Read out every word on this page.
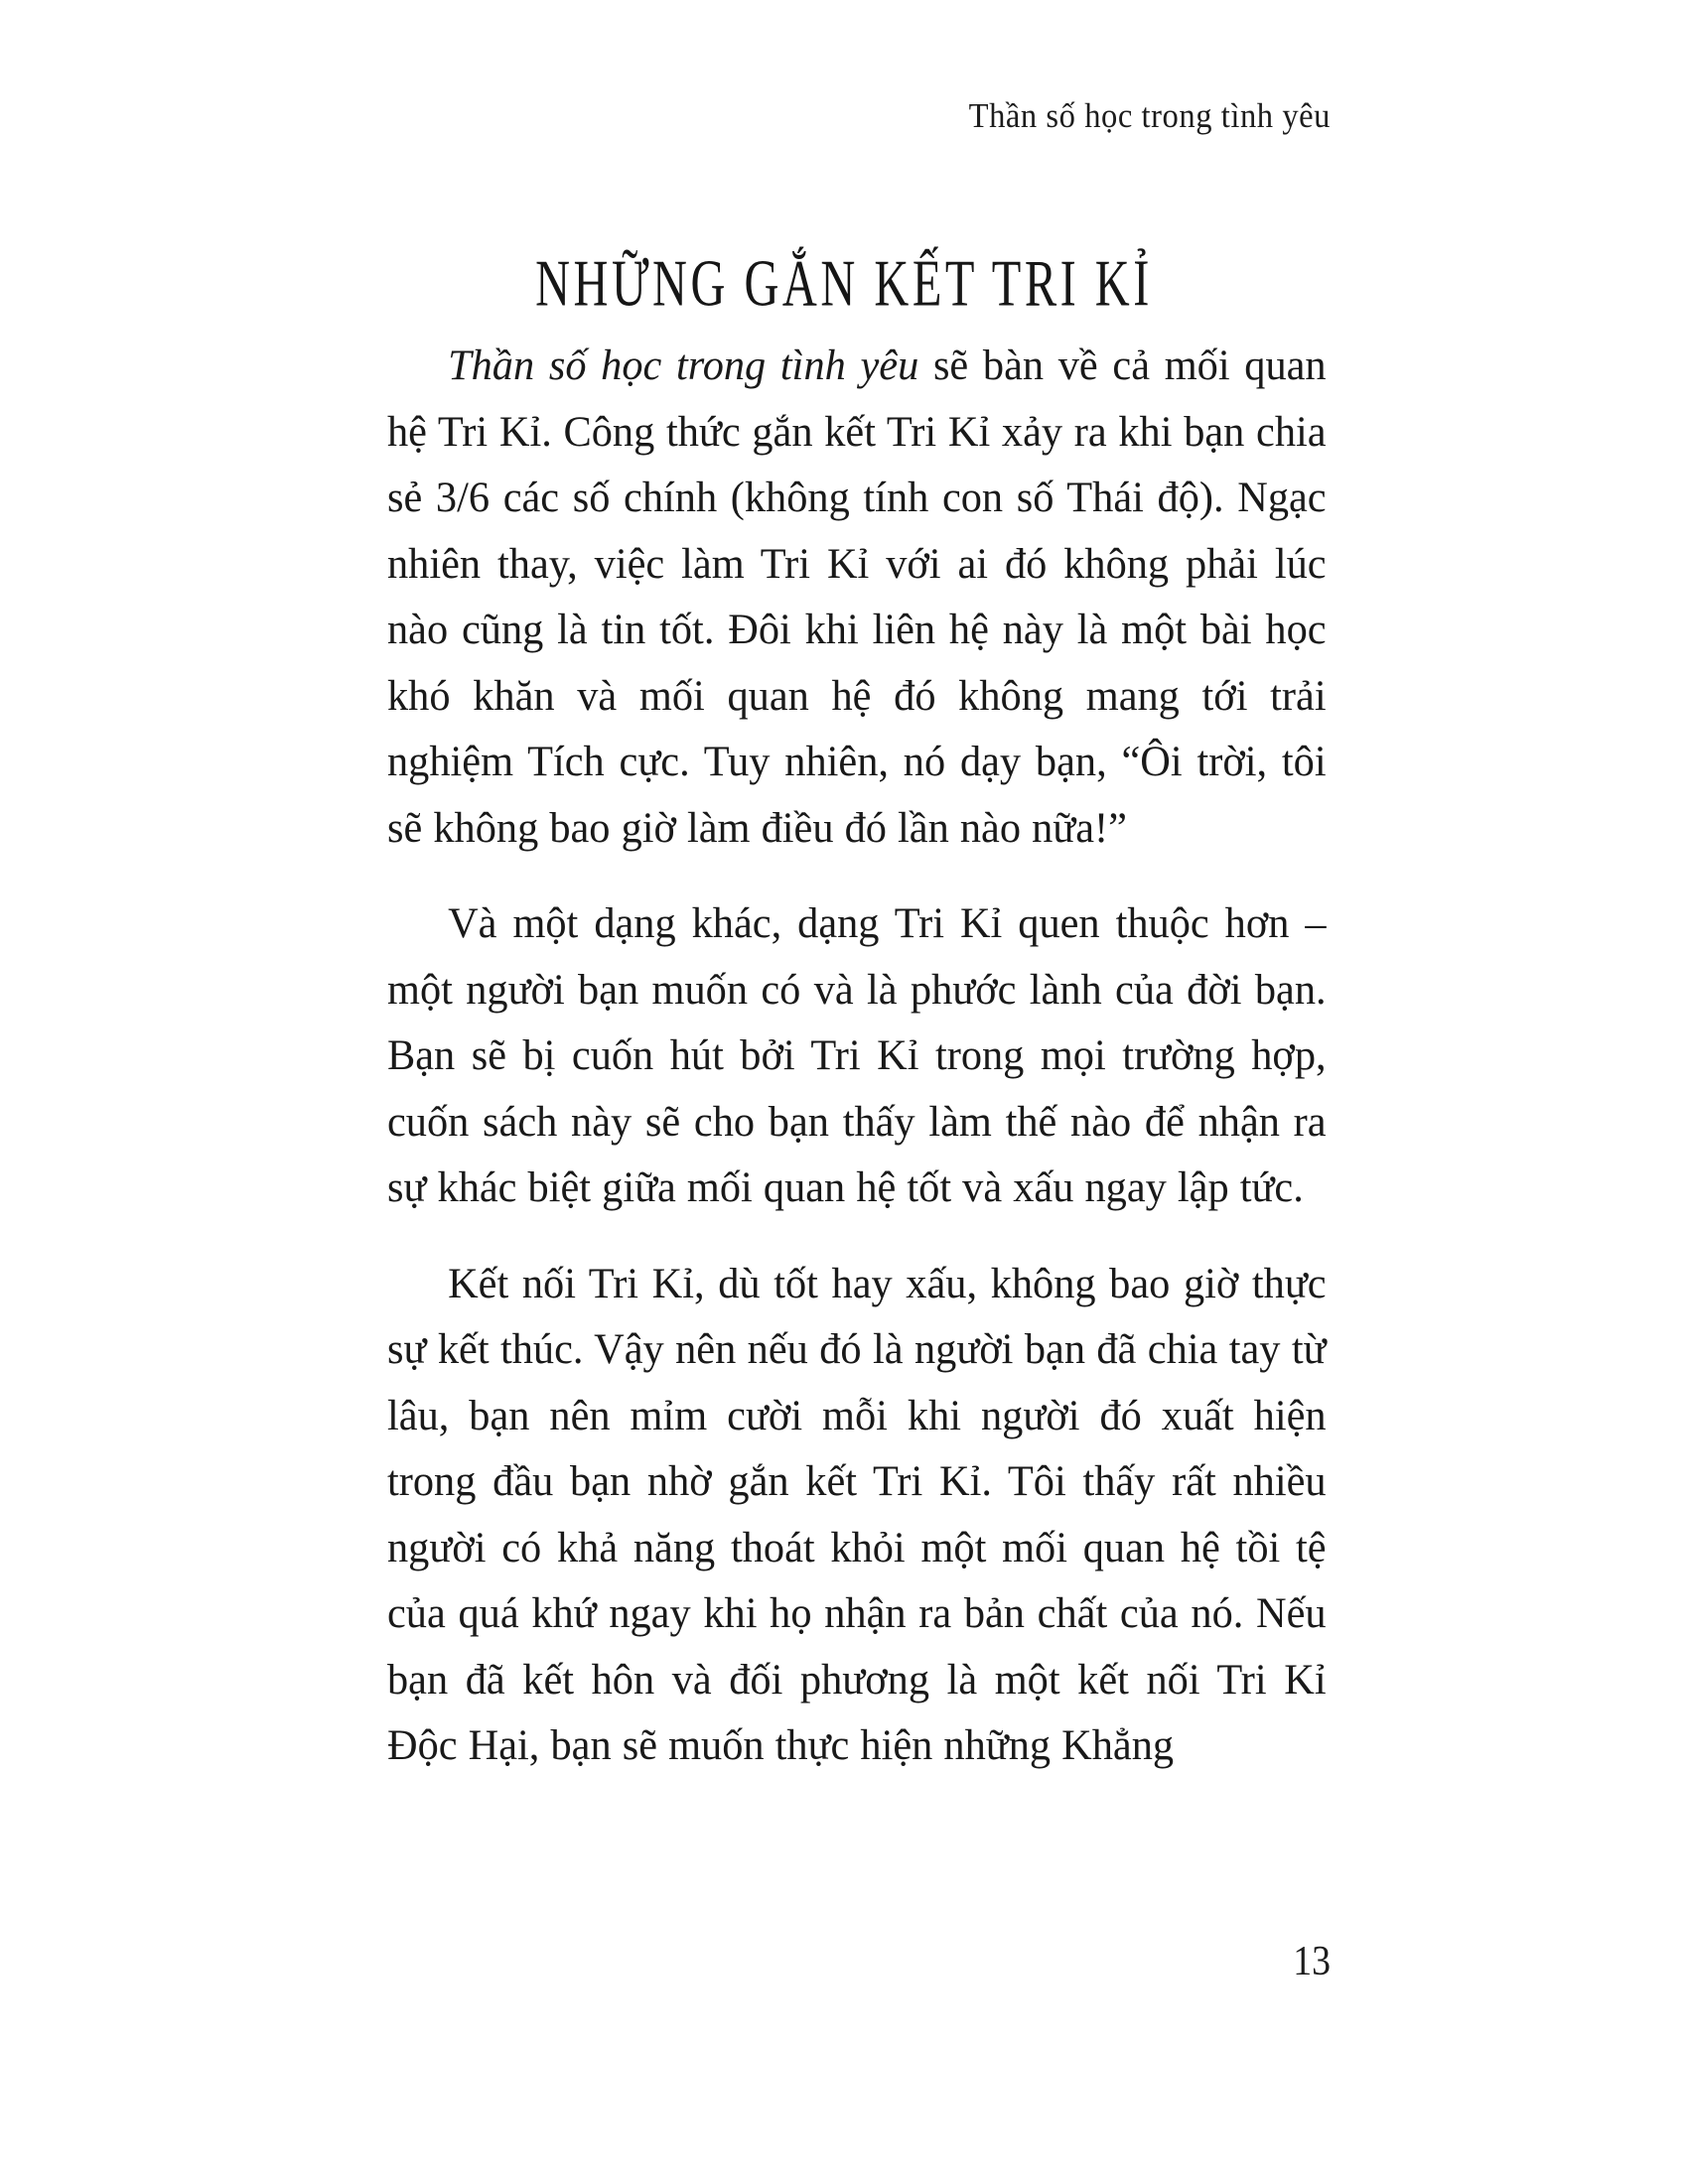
Thần số học trong tình yêu
NHỮNG GẮN KẾT TRI KỈ

Thần số học trong tình yêu sẽ bàn về cả mối quan hệ Tri Kỉ. Công thức gắn kết Tri Kỉ xảy ra khi bạn chia sẻ 3/6 các số chính (không tính con số Thái độ). Ngạc nhiên thay, việc làm Tri Kỉ với ai đó không phải lúc nào cũng là tin tốt. Đôi khi liên hệ này là một bài học khó khăn và mối quan hệ đó không mang tới trải nghiệm Tích cực. Tuy nhiên, nó dạy bạn, “Ôi trời, tôi sẽ không bao giờ làm điều đó lần nào nữa!”

Và một dạng khác, dạng Tri Kỉ quen thuộc hơn – một người bạn muốn có và là phước lành của đời bạn. Bạn sẽ bị cuốn hút bởi Tri Kỉ trong mọi trường hợp, cuốn sách này sẽ cho bạn thấy làm thế nào để nhận ra sự khác biệt giữa mối quan hệ tốt và xấu ngay lập tức.

Kết nối Tri Kỉ, dù tốt hay xấu, không bao giờ thực sự kết thúc. Vậy nên nếu đó là người bạn đã chia tay từ lâu, bạn nên mỉm cười mỗi khi người đó xuất hiện trong đầu bạn nhờ gắn kết Tri Kỉ. Tôi thấy rất nhiều người có khả năng thoát khỏi một mối quan hệ tồi tệ của quá khứ ngay khi họ nhận ra bản chất của nó. Nếu bạn đã kết hôn và đối phương là một kết nối Tri Kỉ Độc Hại, bạn sẽ muốn thực hiện những Khẳng

13
